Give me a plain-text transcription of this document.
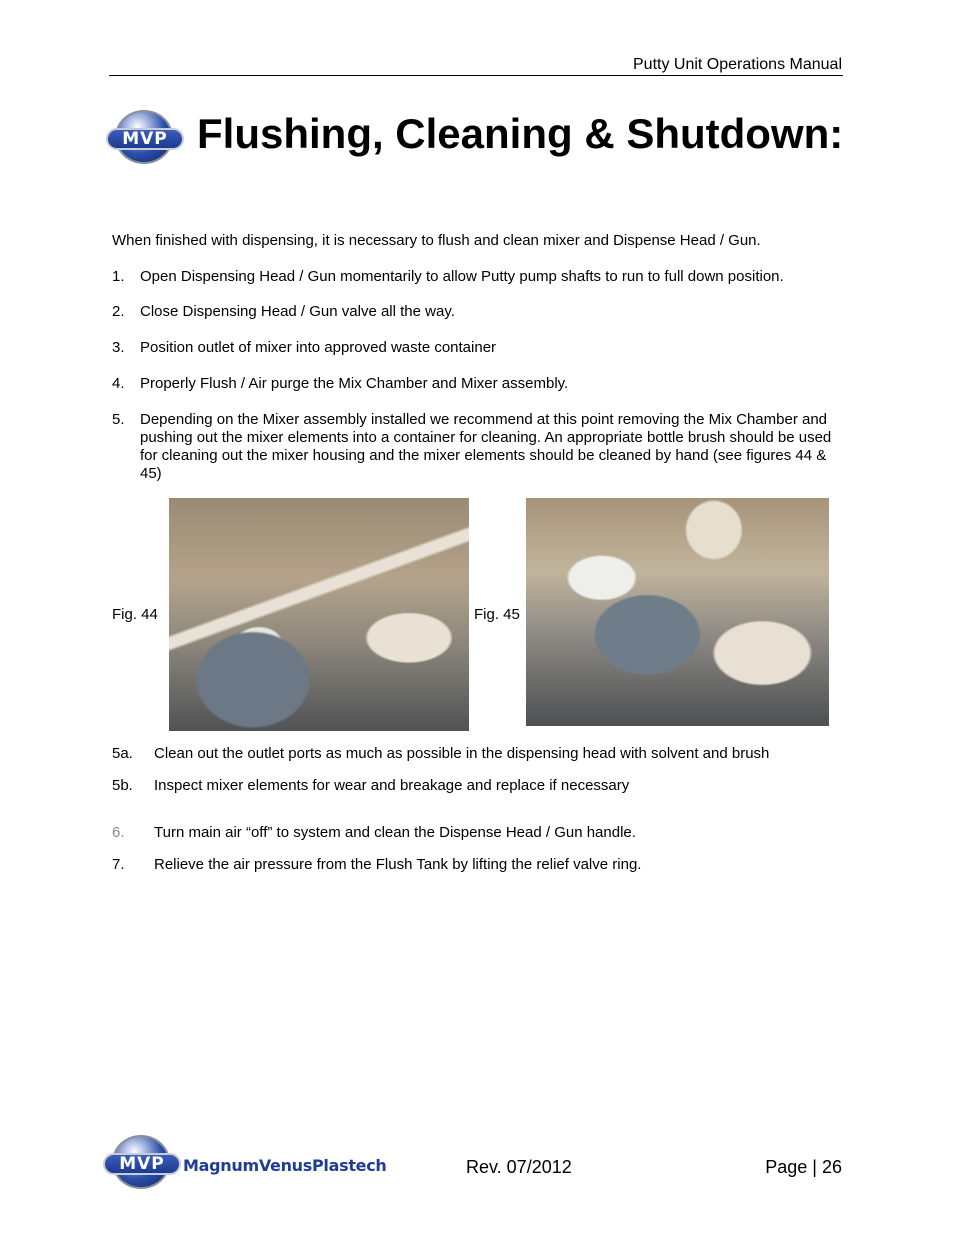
Putty Unit Operations Manual
MVP Flushing, Cleaning & Shutdown:

When finished with dispensing, it is necessary to flush and clean mixer and Dispense Head / Gun.

1. Open Dispensing Head / Gun momentarily to allow Putty pump shafts to run to full down position.
2. Close Dispensing Head / Gun valve all the way.
3. Position outlet of mixer into approved waste container
4. Properly Flush / Air purge the Mix Chamber and Mixer assembly.
5. Depending on the Mixer assembly installed we recommend at this point removing the Mix Chamber and pushing out the mixer elements into a container for cleaning. An appropriate bottle brush should be used for cleaning out the mixer housing and the mixer elements should be cleaned by hand (see figures 44 & 45)
Fig. 44	Fig. 45
5a. Clean out the outlet ports as much as possible in the dispensing head with solvent and brush
5b. Inspect mixer elements for wear and breakage and replace if necessary
6. Turn main air “off” to system and clean the Dispense Head / Gun handle.
7. Relieve the air pressure from the Flush Tank by lifting the relief valve ring.
MVP	MagnumVenusPlastech	Rev. 07/2012	Page | 26
